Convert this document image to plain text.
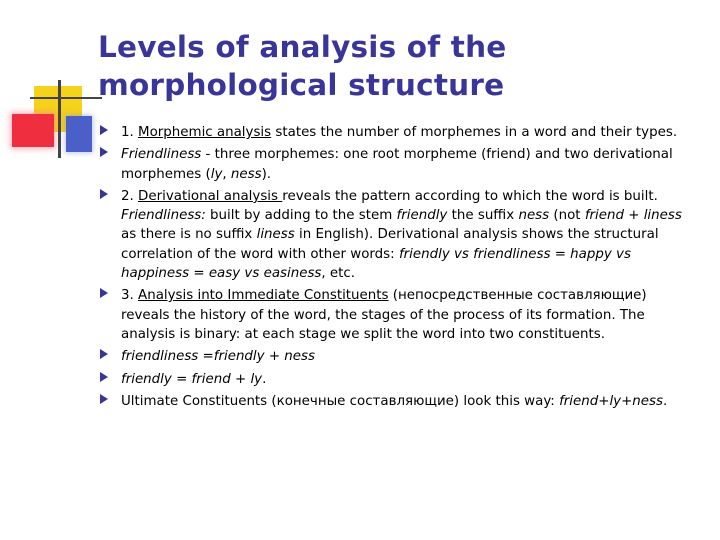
Levels of analysis of the morphological structure
1. Morphemic analysis states the number of morphemes in a word and their types.
Friendliness - three morphemes: one root morpheme (friend) and two derivational morphemes (ly, ness).
2. Derivational analysis reveals the pattern according to which the word is built. Friendliness: built by adding to the stem friendly the suffix ness (not friend + liness as there is no suffix liness in English). Derivational analysis shows the structural correlation of the word with other words: friendly vs friendliness = happy vs happiness = easy vs easiness, etc.
3. Analysis into Immediate Constituents (непосредственные составляющие) reveals the history of the word, the stages of the process of its formation. The analysis is binary: at each stage we split the word into two constituents.
friendliness =friendly + ness
friendly = friend + ly.
Ultimate Constituents (конечные составляющие) look this way: friend+ly+ness.
